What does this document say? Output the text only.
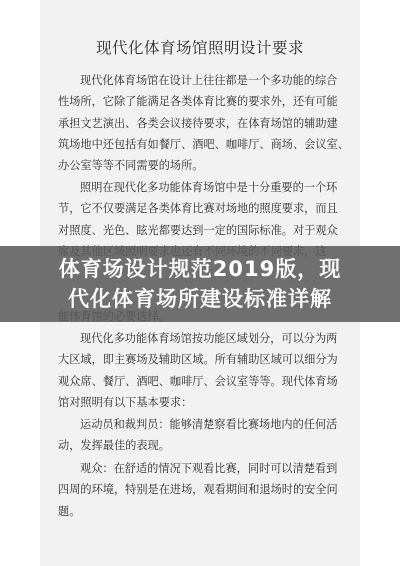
现代化体育场馆照明设计要求
现代化体育场馆在设计上往往都是一个多功能的综合
性场所，它除了能满足各类体育比赛的要求外，还有可能
承担文艺演出、各类会议接待要求，在体育场馆的辅助建
筑场地中还包括有如餐厅、酒吧、咖啡厅、商场、会议室、
办公室等等不同需要的场所。
照明在现代化多功能体育场馆中是十分重要的一个环
节，它不仅要满足各类体育比赛对场地的照度要求，而且
对照度、光色、眩光都要达到一定的国际标准。对于观众
现代化多功能体育场馆按功能区域划分，可以分为两
大区域，即主赛场及辅助区域。所有辅助区域可以细分为
观众席、餐厅、酒吧、咖啡厅、会议室等等。现代体育场
馆对照明有以下基本要求：
运动员和裁判员：能够清楚察看比赛场地内的任何活
动，发挥最佳的表现。
观众：在舒适的情况下观看比赛，同时可以清楚看到
四周的环境，特别是在进场，观看期间和退场时的安全问
题。
体育场设计规范2019版，现
代化体育场所建设标准详解
